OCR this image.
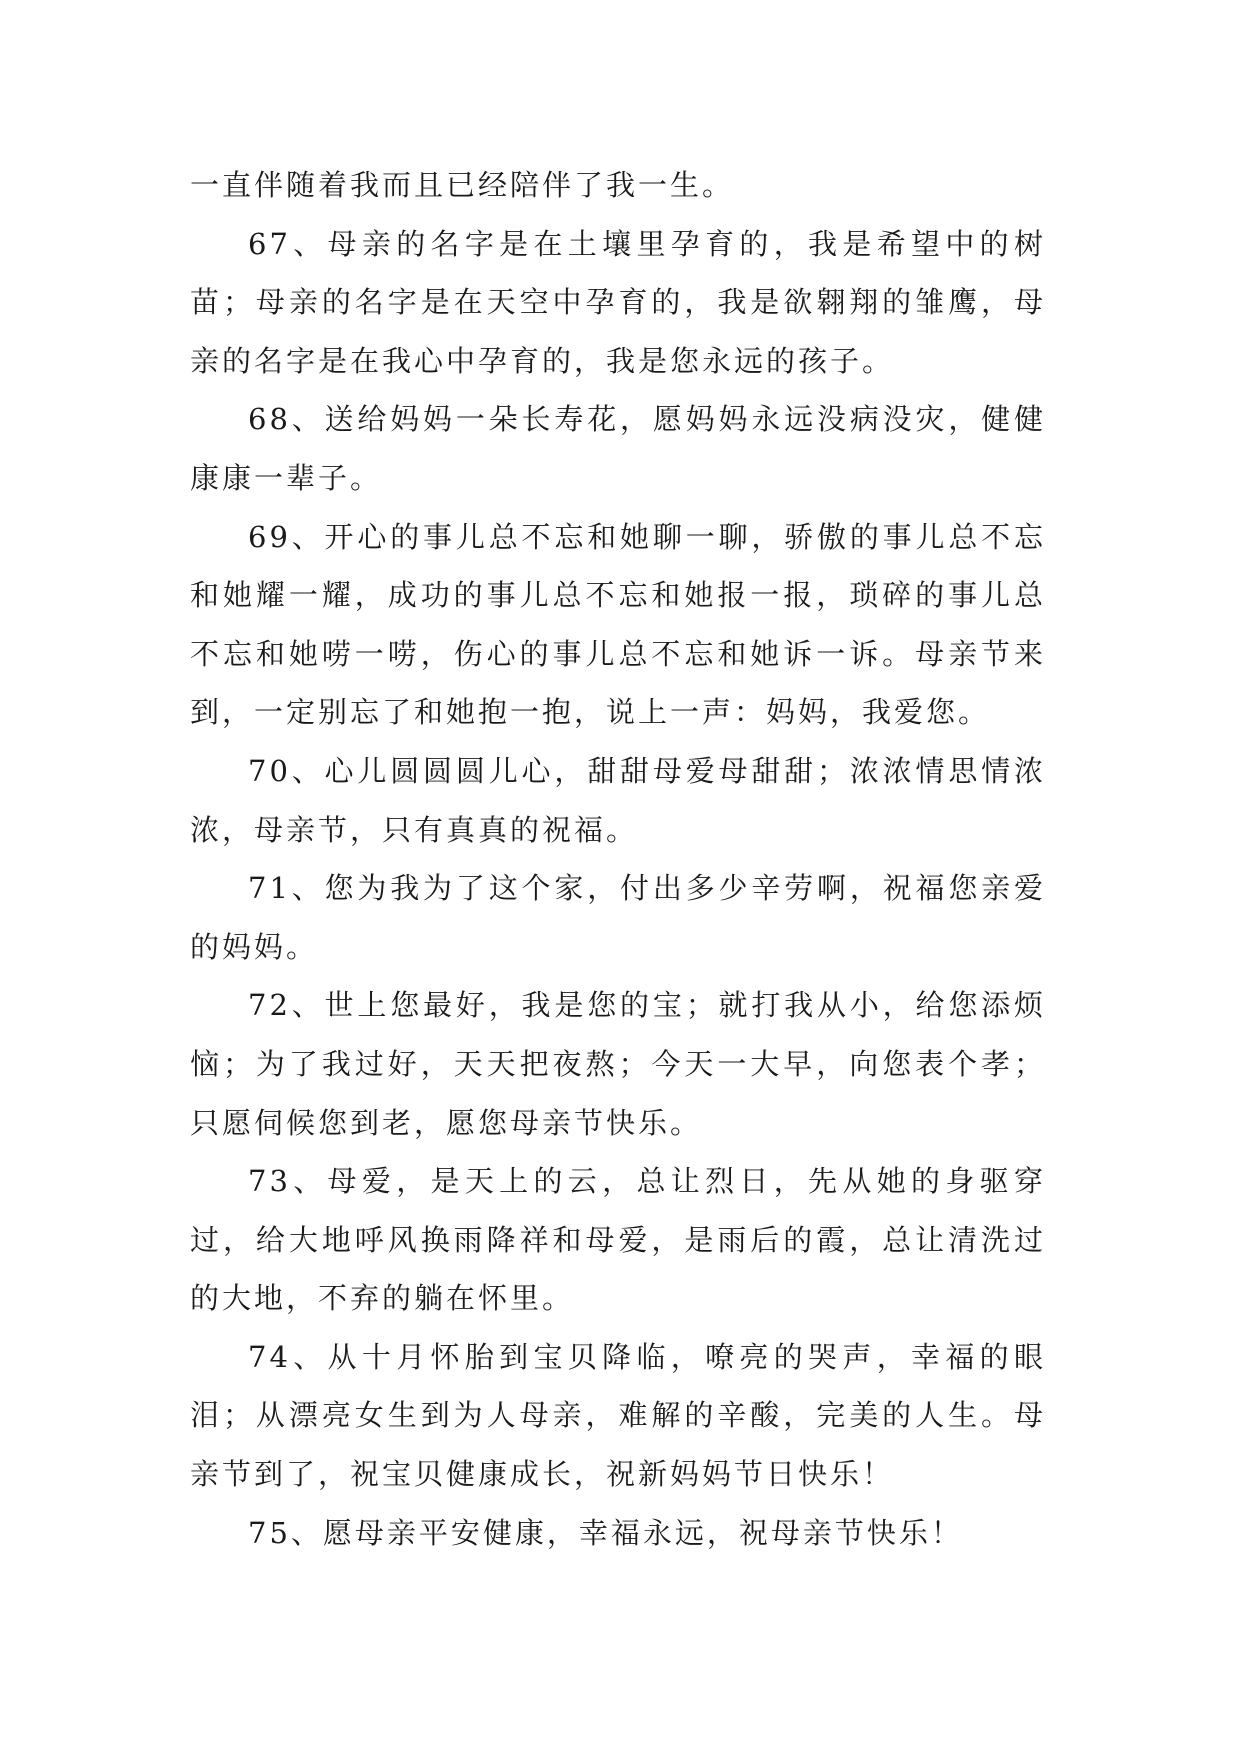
一直伴随着我而且已经陪伴了我一生。

67、母亲的名字是在土壤里孕育的，我是希望中的树苗；母亲的名字是在天空中孕育的，我是欲翱翔的雏鹰，母亲的名字是在我心中孕育的，我是您永远的孩子。

68、送给妈妈一朵长寿花，愿妈妈永远没病没灾，健健康康一辈子。

69、开心的事儿总不忘和她聊一聊，骄傲的事儿总不忘和她耀一耀，成功的事儿总不忘和她报一报，琐碎的事儿总不忘和她唠一唠，伤心的事儿总不忘和她诉一诉。母亲节来到，一定别忘了和她抱一抱，说上一声：妈妈，我爱您。

70、心儿圆圆圆儿心，甜甜母爱母甜甜；浓浓情思情浓浓，母亲节，只有真真的祝福。

71、您为我为了这个家，付出多少辛劳啊，祝福您亲爱的妈妈。

72、世上您最好，我是您的宝；就打我从小，给您添烦恼；为了我过好，天天把夜熬；今天一大早，向您表个孝；只愿伺候您到老，愿您母亲节快乐。

73、母爱，是天上的云，总让烈日，先从她的身驱穿过，给大地呼风换雨降祥和母爱，是雨后的霞，总让清洗过的大地，不弃的躺在怀里。

74、从十月怀胎到宝贝降临，嘹亮的哭声，幸福的眼泪；从漂亮女生到为人母亲，难解的辛酸，完美的人生。母亲节到了，祝宝贝健康成长，祝新妈妈节日快乐！

75、愿母亲平安健康，幸福永远，祝母亲节快乐！
